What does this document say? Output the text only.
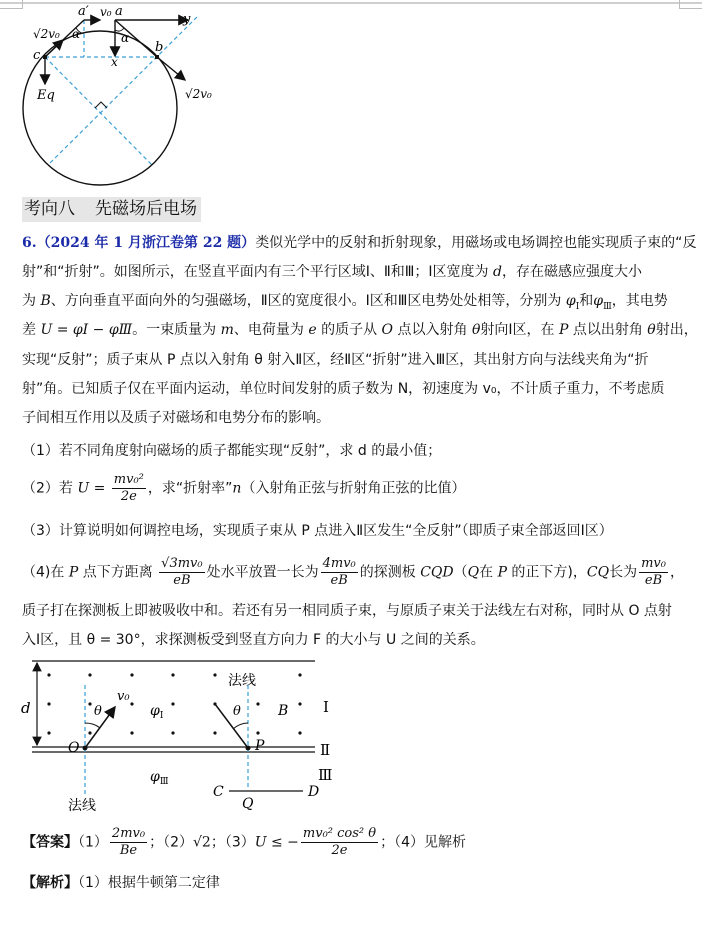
a′ v₀ a
y
√2v₀ α	α
c
b
x
Eq	√2v₀
考向八 先磁场后电场
6.（2024 年 1 月浙江卷第 22 题）类似光学中的反射和折射现象，用磁场或电场调控也能实现质子束的“反
射”和“折射”。如图所示，在竖直平面内有三个平行区域Ⅰ、Ⅱ和Ⅲ；Ⅰ区宽度为 d，存在磁感应强度大小
为 B、方向垂直平面向外的匀强磁场，Ⅱ区的宽度很小。Ⅰ区和Ⅲ区电势处处相等，分别为 $\varphi_Ⅰ$和$\varphi_Ⅲ$，其电势
差 U = φⅠ − φⅢ。一束质量为 m、电荷量为 e 的质子从 O 点以入射角 θ射向Ⅰ区，在 P 点以出射角 θ射出，
实现“反射”；质子束从 P 点以入射角 θ 射入Ⅱ区，经Ⅱ区“折射”进入Ⅲ区，其出射方向与法线夹角为“折
射”角。已知质子仅在平面内运动，单位时间发射的质子数为 N，初速度为 v₀，不计质子重力，不考虑质
子间相互作用以及质子对磁场和电势分布的影响。
（1）若不同角度射向磁场的质子都能实现“反射”，求 d 的最小值；
（2）若 $U = \frac{\text{mv₀²}}{2e}$ ，求“折射率”n（入射角正弦与折射角正弦的比值）
（3）计算说明如何调控电场，实现质子束从 P 点进入Ⅱ区发生“全反射”（即质子束全部返回Ⅰ区）
（4)在 P 点下方距离 $\frac{\text{√3mv₀}}{eB}$ 处水平放置一长为 $\frac{\text{4mv₀}}{eB}$ 的探测板 CQD（Q在 P 的正下方)，CQ长为 $\frac{\text{mv₀}}{eB}$ ，
质子打在探测板上即被吸收中和。若还有另一相同质子束，与原质子束关于法线左右对称，同时从 O 点射
入Ⅰ区，且 θ = 30°，求探测板受到竖直方向力 F 的大小与 U 之间的关系。
法线
法线
d
v₀
θ	θ
$\varphi_Ⅰ$
$\varphi_Ⅲ$
B
O	P
Ⅰ
Ⅱ
Ⅲ
C
Q
D
【答案】$(1) \frac{\text{2mv₀}}{Be}$ ；（2）√2；（3）U ≤ − $\frac{\text{mv₀² cos² θ}}{2e}$ ；（4）见解析
【解析】（1）根据牛顿第二定律
